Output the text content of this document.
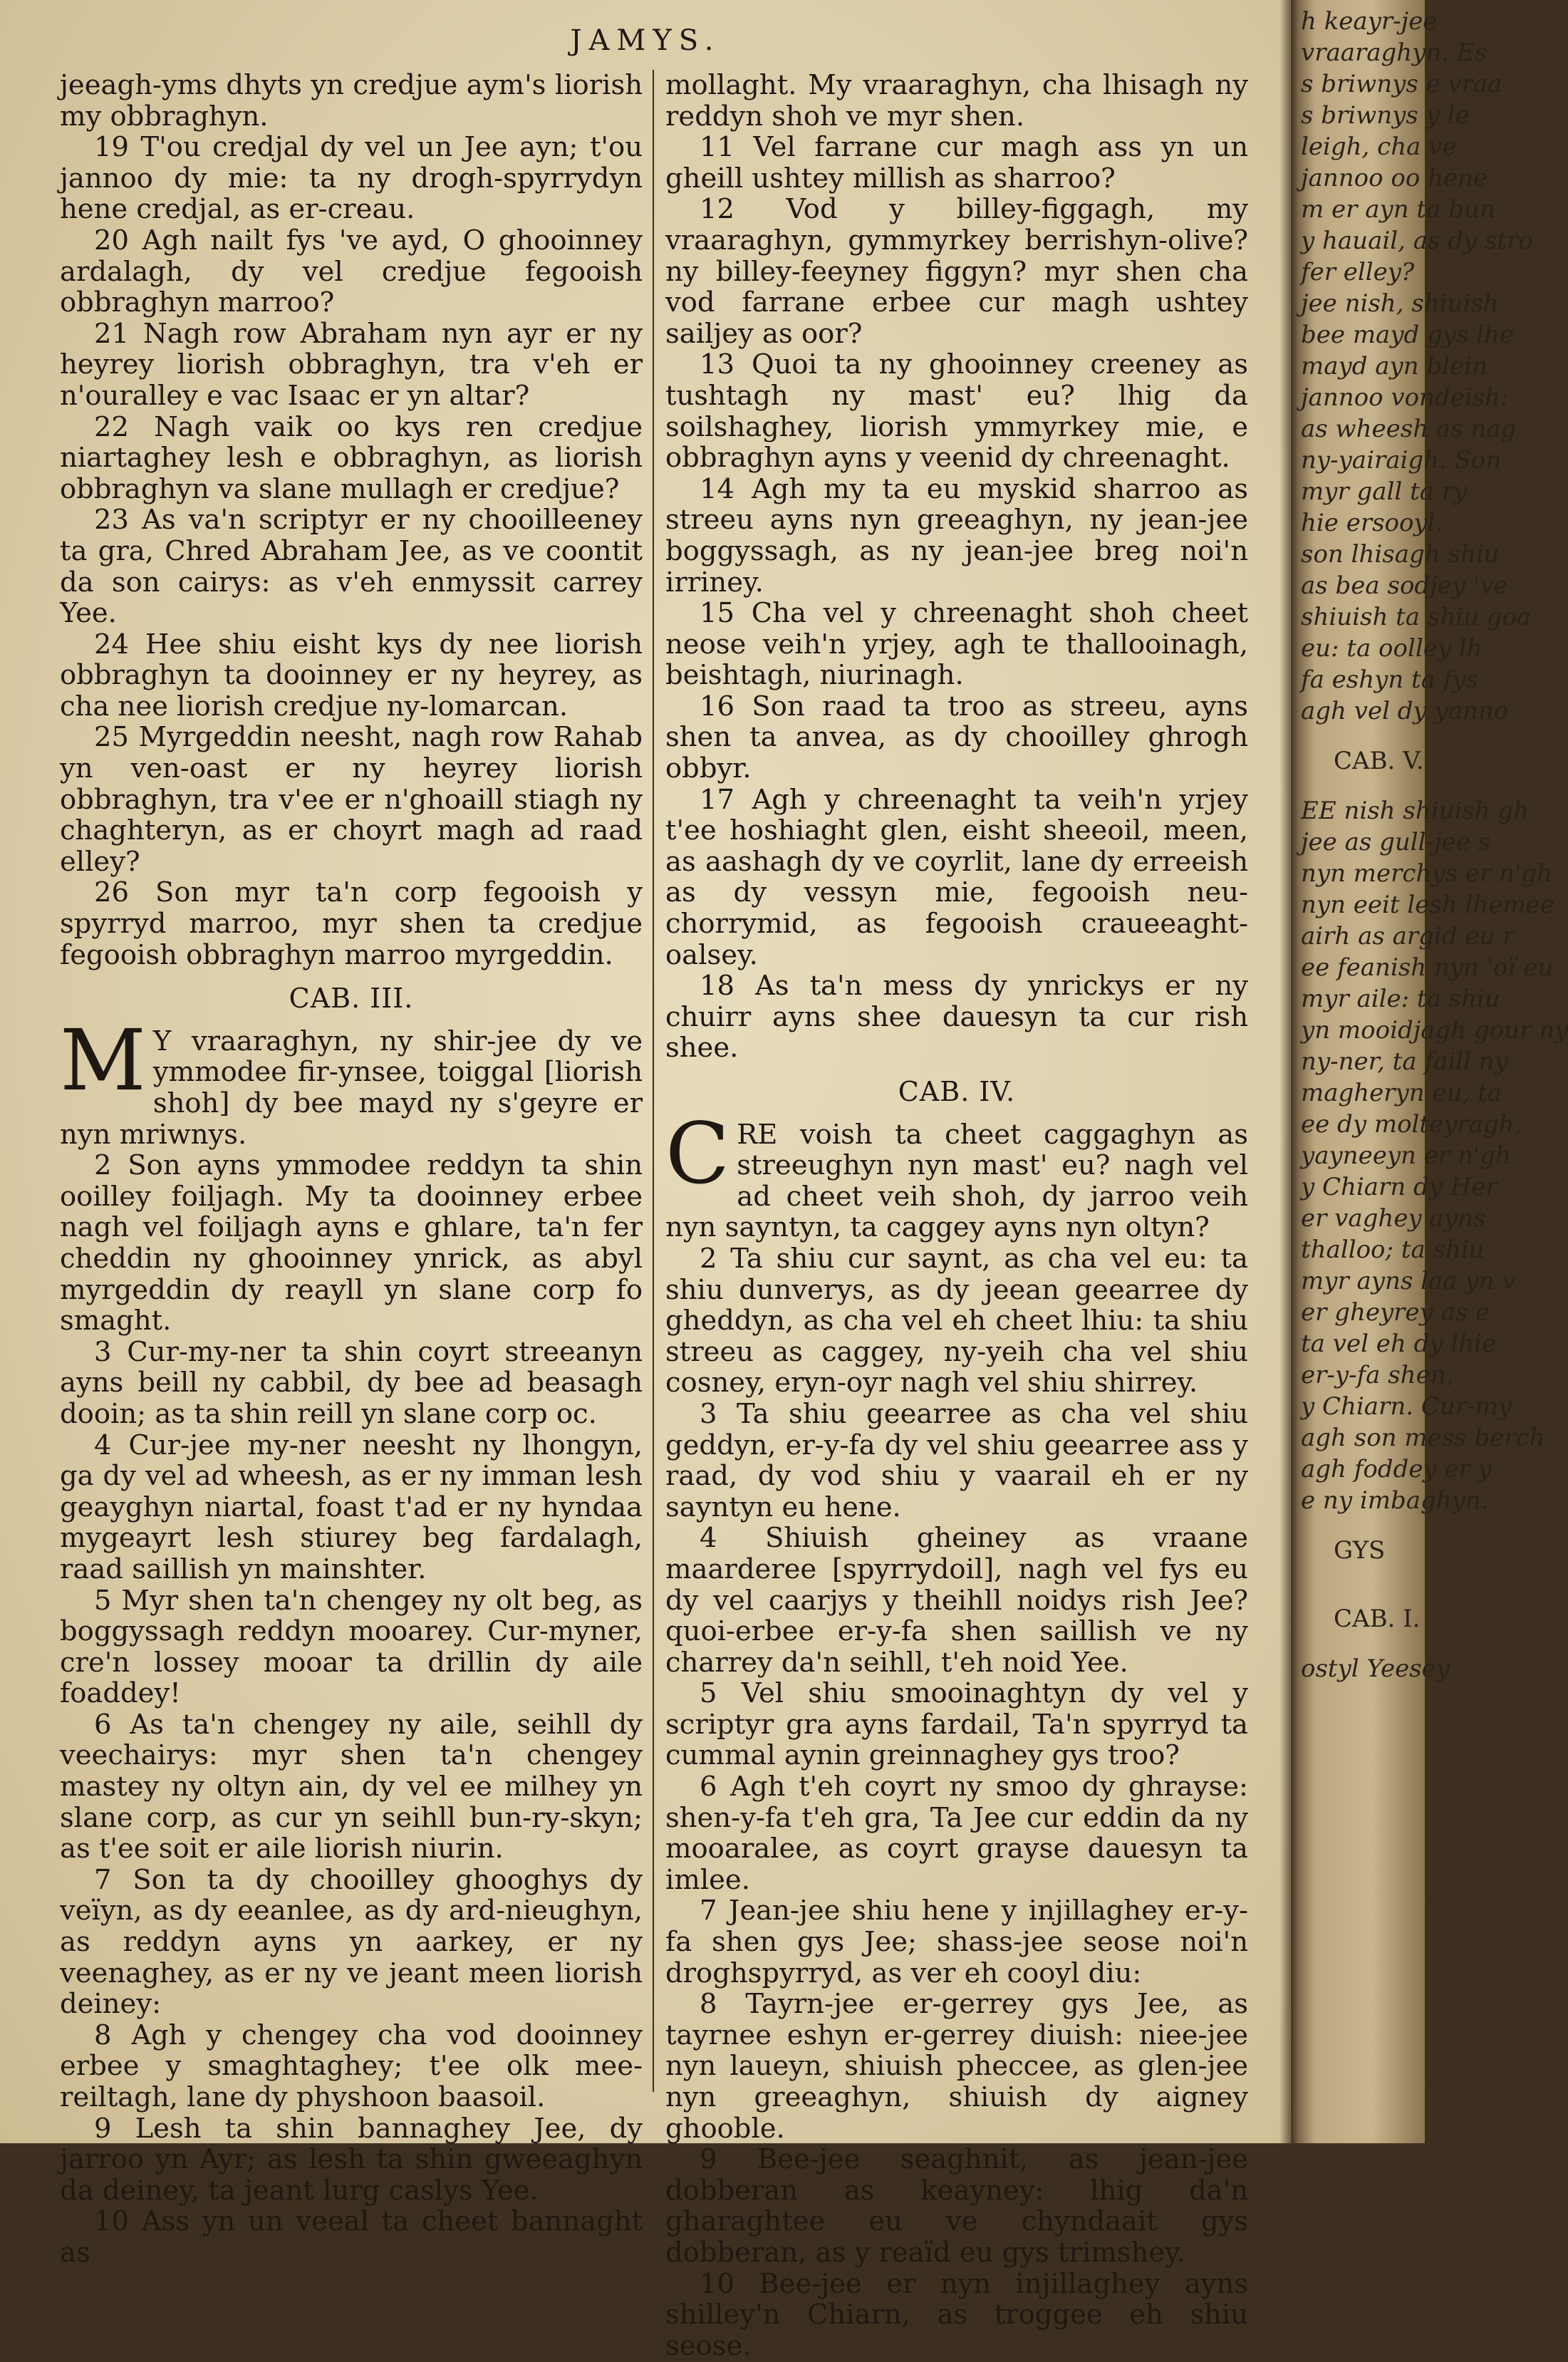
JAMYS.

jeeagh-yms dhyts yn credjue aym's liorish my obbraghyn.

19 T'ou credjal dy vel un Jee ayn; t'ou jannoo dy mie: ta ny drogh-spyrrydyn hene credjal, as er-creau.

20 Agh nailt fys 've ayd, O ghooinney ardalagh, dy vel credjue fegooish obbraghyn marroo?

21 Nagh row Abraham nyn ayr er ny heyrey liorish obbraghyn, tra v'eh er n'ouralley e vac Isaac er yn altar?

22 Nagh vaik oo kys ren credjue niartaghey lesh e obbraghyn, as liorish obbraghyn va slane mullagh er credjue?

23 As va'n scriptyr er ny chooilleeney ta gra, Chred Abraham Jee, as ve coontit da son cairys: as v'eh enmyssit carrey Yee.

24 Hee shiu eisht kys dy nee liorish obbraghyn ta dooinney er ny heyrey, as cha nee liorish credjue ny-lomarcan.

25 Myrgeddin neesht, nagh row Rahab yn ven-oast er ny heyrey liorish obbraghyn, tra v'ee er n'ghoaill stiagh ny chaghteryn, as er choyrt magh ad raad elley?

26 Son myr ta'n corp fegooish y spyrryd marroo, myr shen ta credjue fegooish obbraghyn marroo myrgeddin.

CAB. III.

M Y vraaraghyn, ny shir-jee dy ve ymmodee fir-ynsee, toiggal [liorish shoh] dy bee mayd ny s'geyre er nyn mriwnys.

2 Son ayns ymmodee reddyn ta shin ooilley foiljagh. My ta dooinney erbee nagh vel foiljagh ayns e ghlare, ta'n fer cheddin ny ghooinney ynrick, as abyl myrgeddin dy reayll yn slane corp fo smaght.

3 Cur-my-ner ta shin coyrt streeanyn ayns beill ny cabbil, dy bee ad beasagh dooin; as ta shin reill yn slane corp oc.

4 Cur-jee my-ner neesht ny lhongyn, ga dy vel ad wheesh, as er ny imman lesh geayghyn niartal, foast t'ad er ny hyndaa mygeayrt lesh stiurey beg fardalagh, raad saillish yn mainshter.

5 Myr shen ta'n chengey ny olt beg, as boggyssagh reddyn mooarey. Cur-myner, cre'n lossey mooar ta drillin dy aile foaddey!

6 As ta'n chengey ny aile, seihll dy veechairys: myr shen ta'n chengey mastey ny oltyn ain, dy vel ee milhey yn slane corp, as cur yn seihll bun-ry-skyn; as t'ee soit er aile liorish niurin.

7 Son ta dy chooilley ghooghys dy veïyn, as dy eeanlee, as dy ard-nieughyn, as reddyn ayns yn aarkey, er ny veenaghey, as er ny ve jeant meen liorish deiney:

8 Agh y chengey cha vod dooinney erbee y smaghtaghey; t'ee olk mee-reiltagh, lane dy physhoon baasoil.

9 Lesh ta shin bannaghey Jee, dy jarroo yn Ayr; as lesh ta shin gweeaghyn da deiney, ta jeant lurg caslys Yee.

10 Ass yn un veeal ta cheet bannaght as

mollaght. My vraaraghyn, cha lhisagh ny reddyn shoh ve myr shen.

11 Vel farrane cur magh ass yn un gheill ushtey millish as sharroo?

12 Vod y billey-figgagh, my vraaraghyn, gymmyrkey berrishyn-olive? ny billey-feeyney figgyn? myr shen cha vod farrane erbee cur magh ushtey sailjey as oor?

13 Quoi ta ny ghooinney creeney as tushtagh ny mast' eu? lhig da soilshaghey, liorish ymmyrkey mie, e obbraghyn ayns y veenid dy chreenaght.

14 Agh my ta eu myskid sharroo as streeu ayns nyn greeaghyn, ny jean-jee boggyssagh, as ny jean-jee breg noi'n irriney.

15 Cha vel y chreenaght shoh cheet neose veih'n yrjey, agh te thallooinagh, beishtagh, niurinagh.

16 Son raad ta troo as streeu, ayns shen ta anvea, as dy chooilley ghrogh obbyr.

17 Agh y chreenaght ta veih'n yrjey t'ee hoshiaght glen, eisht sheeoil, meen, as aashagh dy ve coyrlit, lane dy erreeish as dy vessyn mie, fegooish neu-chorrymid, as fegooish craueeaght-oalsey.

18 As ta'n mess dy ynrickys er ny chuirr ayns shee dauesyn ta cur rish shee.

CAB. IV.

CRE voish ta cheet caggaghyn as streeughyn nyn mast' eu? nagh vel ad cheet veih shoh, dy jarroo veih nyn sayntyn, ta caggey ayns nyn oltyn?

2 Ta shiu cur saynt, as cha vel eu: ta shiu dunverys, as dy jeean geearree dy gheddyn, as cha vel eh cheet lhiu: ta shiu streeu as caggey, ny-yeih cha vel shiu cosney, eryn-oyr nagh vel shiu shirrey.

3 Ta shiu geearree as cha vel shiu geddyn, er-y-fa dy vel shiu geearree ass y raad, dy vod shiu y vaarail eh er ny sayntyn eu hene.

4 Shiuish gheiney as vraane maarderee [spyrrydoil], nagh vel fys eu dy vel caarjys y theihll noidys rish Jee? quoi-erbee er-y-fa shen saillish ve ny charrey da'n seihll, t'eh noid Yee.

5 Vel shiu smooinaghtyn dy vel y scriptyr gra ayns fardail, Ta'n spyrryd ta cummal aynin greinnaghey gys troo?

6 Agh t'eh coyrt ny smoo dy ghrayse: shen-y-fa t'eh gra, Ta Jee cur eddin da ny mooaralee, as coyrt grayse dauesyn ta imlee.

7 Jean-jee shiu hene y injillaghey er-y-fa shen gys Jee; shass-jee seose noi'n droghspyrryd, as ver eh cooyl diu:

8 Tayrn-jee er-gerrey gys Jee, as tayrnee eshyn er-gerrey diuish: niee-jee nyn laueyn, shiuish pheccee, as glen-jee nyn greeaghyn, shiuish dy aigney ghooble.

9 Bee-jee seaghnit, as jean-jee dobberan as keayney: lhig da'n gharaghtee eu ve chyndaait gys dobberan, as y reaïd eu gys trimshey.

10 Bee-jee er nyn injillaghey ayns shilley'n Chiarn, as troggee eh shiu seose.

h keayr-jee
vraaraghyn. Es
s briwnys e vraa
s briwnys y le
leigh, cha ve
jannoo oo hene
m er ayn ta bun
y hauail, as dy stro
fer elley?
jee nish, shiuish
bee mayd gys lhe
mayd ayn blein
jannoo vondeish:
as wheesh as nag
ny-yairaigh. Son
myr gall ta ry
hie ersooyl.
son lhisagh shiu
as bea sodjey 've
shiuish ta shiu goa
eu: ta oolley lh
fa eshyn ta fys
agh vel dy yanno
CAB. V.
EE nish shiuish gh
jee as gull-jee s
nyn merchys er n'gh
nyn eeit lesh lhemee
airh as argid eu r
ee feanish nyn 'oï eu
myr aile: ta shiu
yn mooidjagh gour ny
ny-ner, ta faill ny
magheryn eu, ta
ee dy molteyragh,
yayneeyn er n'gh
y Chiarn dy Her
er vaghey ayns
thalloo; ta shiu
myr ayns laa yn v
er gheyrey as e
ta vel eh dy lhie
er-y-fa shen,
y Chiarn. Cur-my
agh son mess berch
agh foddey er y
e ny imbaghyn.
GYS
CAB. I.
ostyl Yeesey
